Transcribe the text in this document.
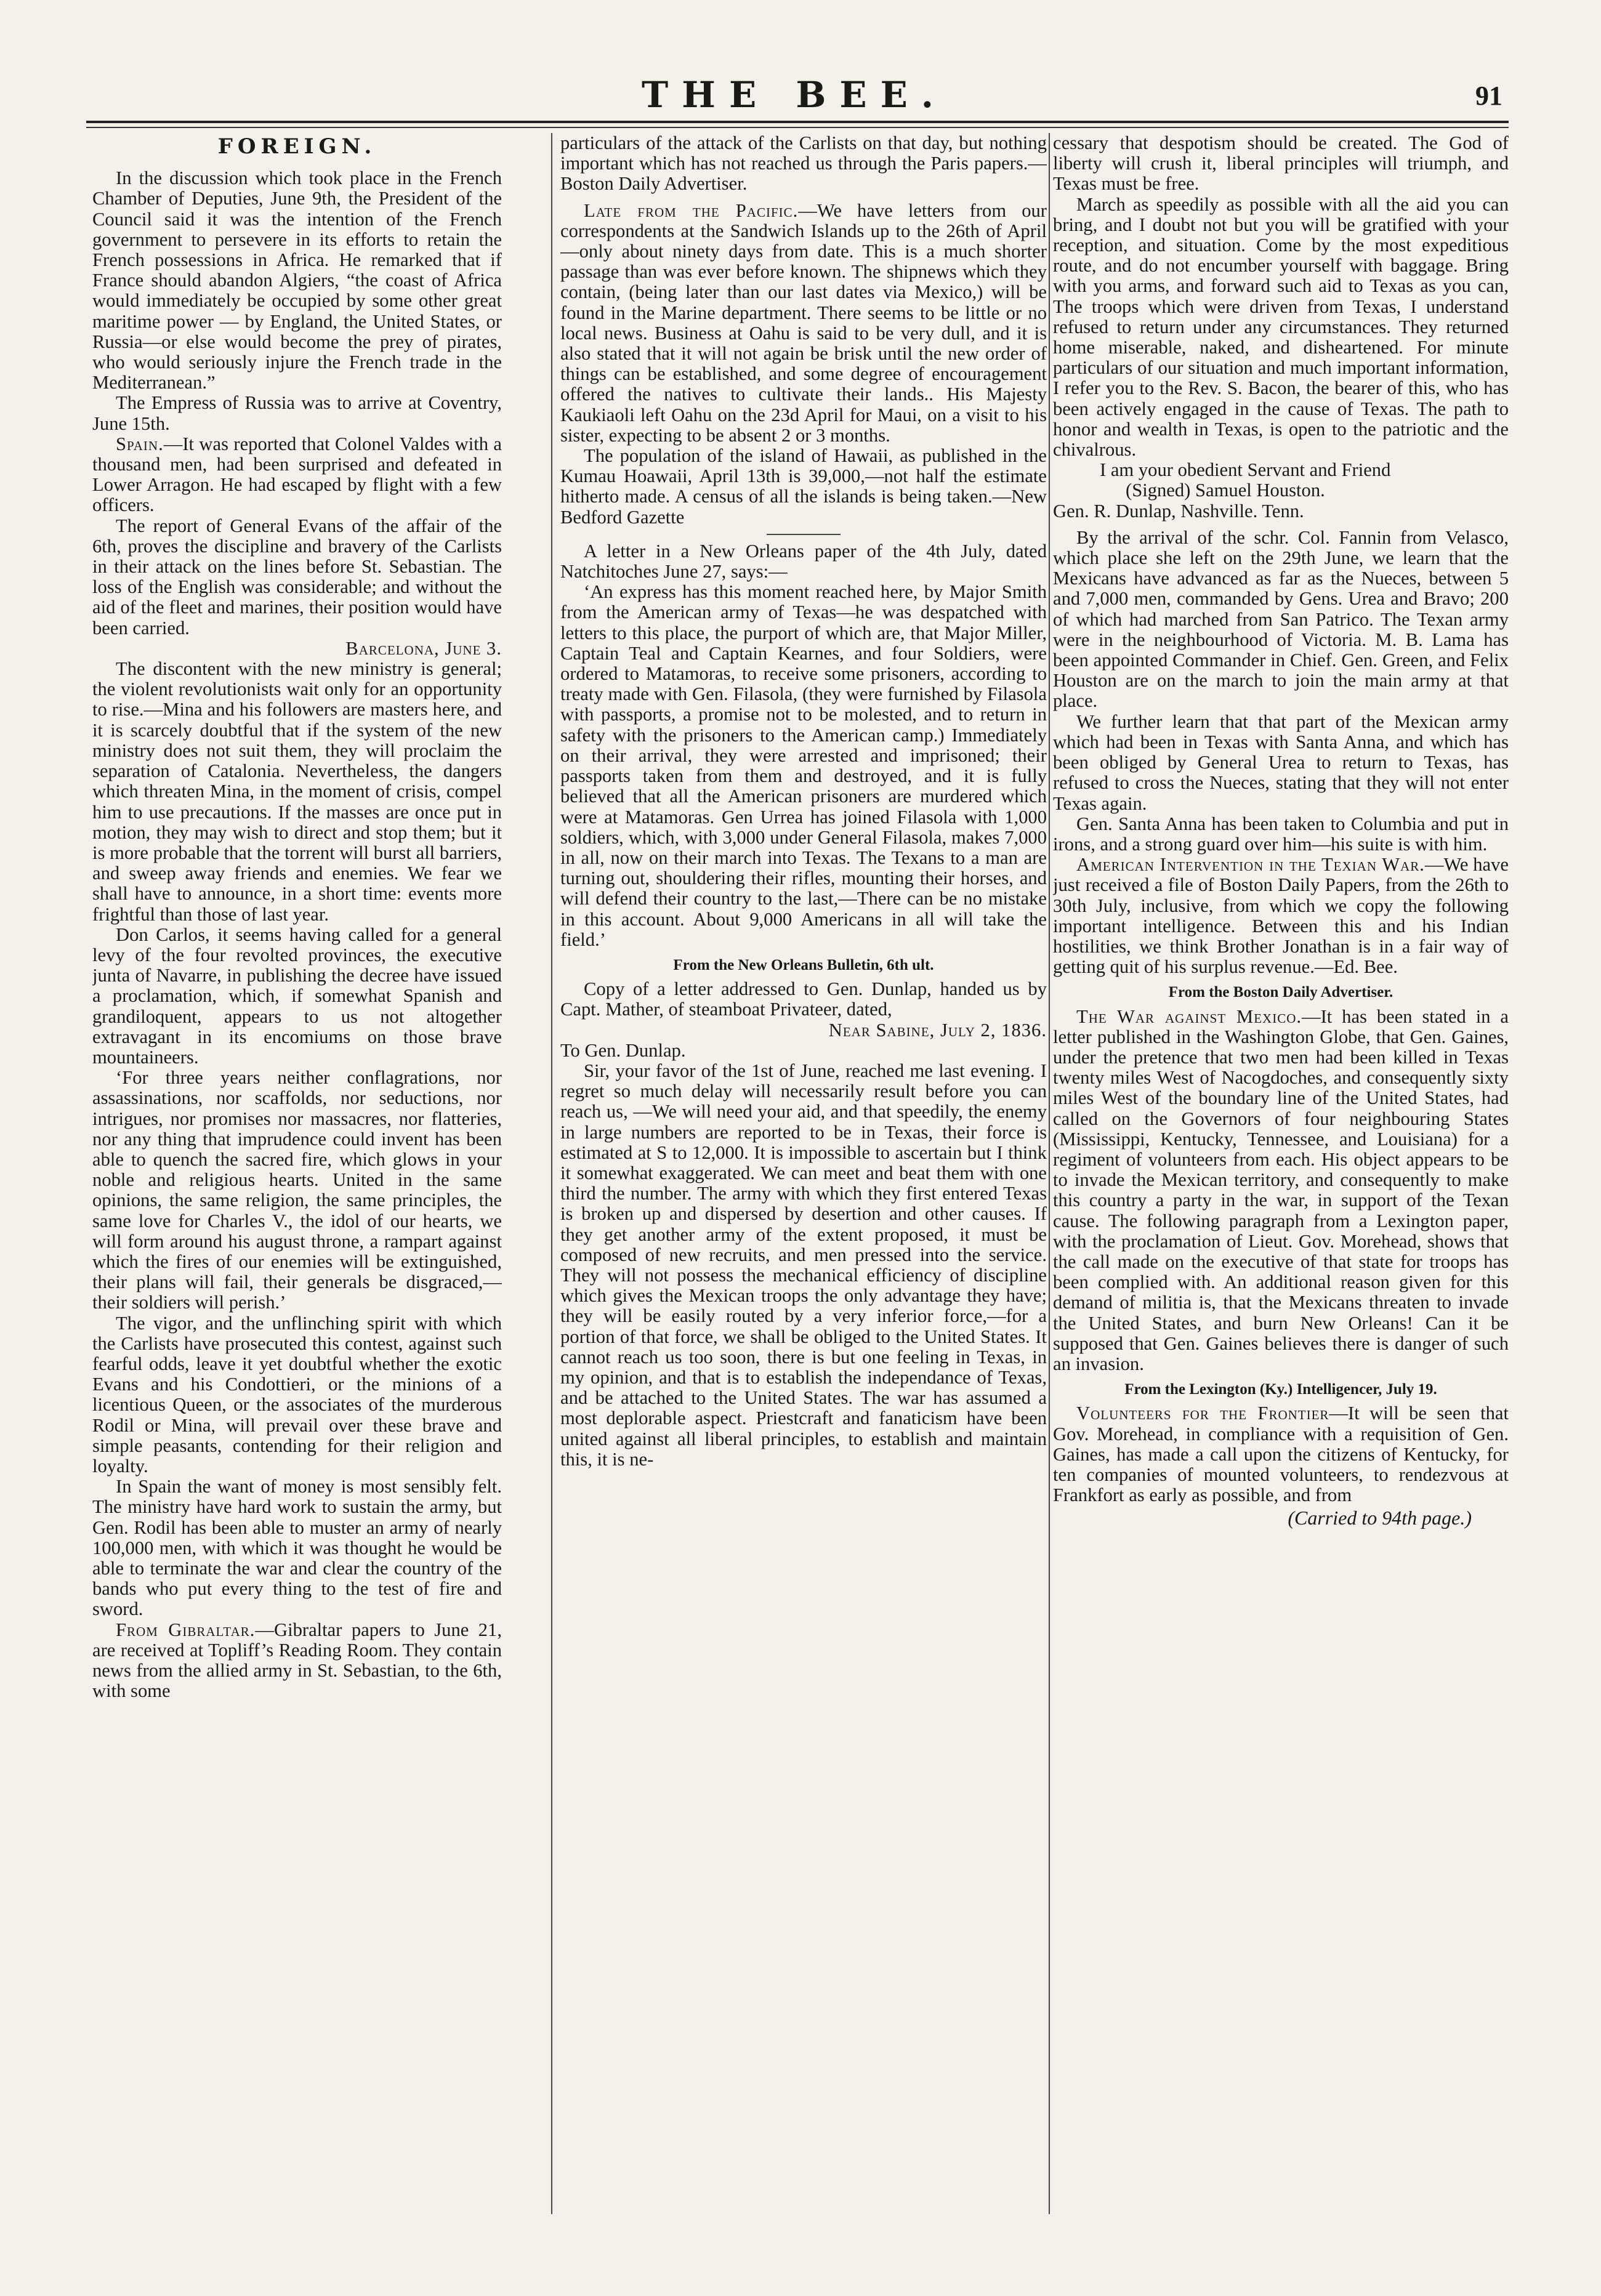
THE BEE.	91
FOREIGN.

In the discussion which took place in the French Chamber of Deputies, June 9th, the President of the Council said it was the intention of the French government to persevere in its efforts to retain the French possessions in Africa. He remarked that if France should abandon Algiers, “the coast of Africa would immediately be occupied by some other great maritime power — by England, the United States, or Russia—or else would become the prey of pirates, who would seriously injure the French trade in the Mediterranean.”

The Empress of Russia was to arrive at Coventry, June 15th.

Spain.—It was reported that Colonel Valdes with a thousand men, had been surprised and defeated in Lower Arragon. He had escaped by flight with a few officers.

The report of General Evans of the affair of the 6th, proves the discipline and bravery of the Carlists in their attack on the lines before St. Sebastian. The loss of the English was considerable; and without the aid of the fleet and marines, their position would have been carried.

Barcelona, June 3.

The discontent with the new ministry is general; the violent revolutionists wait only for an opportunity to rise.—Mina and his followers are masters here, and it is scarcely doubtful that if the system of the new ministry does not suit them, they will proclaim the separation of Catalonia. Nevertheless, the dangers which threaten Mina, in the moment of crisis, compel him to use precautions. If the masses are once put in motion, they may wish to direct and stop them; but it is more probable that the torrent will burst all barriers, and sweep away friends and enemies. We fear we shall have to announce, in a short time: events more frightful than those of last year.

Don Carlos, it seems having called for a general levy of the four revolted provinces, the executive junta of Navarre, in publishing the decree have issued a proclamation, which, if somewhat Spanish and grandiloquent, appears to us not altogether extravagant in its encomiums on those brave mountaineers.

‘For three years neither conflagrations, nor assassinations, nor scaffolds, nor seductions, nor intrigues, nor promises nor massacres, nor flatteries, nor any thing that imprudence could invent has been able to quench the sacred fire, which glows in your noble and religious hearts. United in the same opinions, the same religion, the same principles, the same love for Charles V., the idol of our hearts, we will form around his august throne, a rampart against which the fires of our enemies will be extinguished, their plans will fail, their generals be disgraced,—their soldiers will perish.’

The vigor, and the unflinching spirit with which the Carlists have prosecuted this contest, against such fearful odds, leave it yet doubtful whether the exotic Evans and his Condottieri, or the minions of a licentious Queen, or the associates of the murderous Rodil or Mina, will prevail over these brave and simple peasants, contending for their religion and loyalty.

In Spain the want of money is most sensibly felt. The ministry have hard work to sustain the army, but Gen. Rodil has been able to muster an army of nearly 100,000 men, with which it was thought he would be able to terminate the war and clear the country of the bands who put every thing to the test of fire and sword.

From Gibraltar.—Gibraltar papers to June 21, are received at Topliff’s Reading Room. They contain news from the allied army in St. Sebastian, to the 6th, with some

particulars of the attack of the Carlists on that day, but nothing important which has not reached us through the Paris papers.—Boston Daily Advertiser.

Late from the Pacific.—We have letters from our correspondents at the Sandwich Islands up to the 26th of April—only about ninety days from date. This is a much shorter passage than was ever before known. The shipnews which they contain, (being later than our last dates via Mexico,) will be found in the Marine department. There seems to be little or no local news. Business at Oahu is said to be very dull, and it is also stated that it will not again be brisk until the new order of things can be established, and some degree of encouragement offered the natives to cultivate their lands.. His Majesty Kaukiaoli left Oahu on the 23d April for Maui, on a visit to his sister, expecting to be absent 2 or 3 months.

The population of the island of Hawaii, as published in the Kumau Hoawaii, April 13th is 39,000,—not half the estimate hitherto made. A census of all the islands is being taken.—New Bedford Gazette

A letter in a New Orleans paper of the 4th July, dated Natchitoches June 27, says:—

‘An express has this moment reached here, by Major Smith from the American army of Texas—he was despatched with letters to this place, the purport of which are, that Major Miller, Captain Teal and Captain Kearnes, and four Soldiers, were ordered to Matamoras, to receive some prisoners, according to treaty made with Gen. Filasola, (they were furnished by Filasola with passports, a promise not to be molested, and to return in safety with the prisoners to the American camp.) Immediately on their arrival, they were arrested and imprisoned; their passports taken from them and destroyed, and it is fully believed that all the American prisoners are murdered which were at Matamoras. Gen Urrea has joined Filasola with 1,000 soldiers, which, with 3,000 under General Filasola, makes 7,000 in all, now on their march into Texas. The Texans to a man are turning out, shouldering their rifles, mounting their horses, and will defend their country to the last,—There can be no mistake in this account. About 9,000 Americans in all will take the field.’

From the New Orleans Bulletin, 6th ult.

Copy of a letter addressed to Gen. Dunlap, handed us by Capt. Mather, of steamboat Privateer, dated,

Near Sabine, July 2, 1836.

To Gen. Dunlap.

Sir, your favor of the 1st of June, reached me last evening. I regret so much delay will necessarily result before you can reach us, —We will need your aid, and that speedily, the enemy in large numbers are reported to be in Texas, their force is estimated at S to 12,000. It is impossible to ascertain but I think it somewhat exaggerated. We can meet and beat them with one third the number. The army with which they first entered Texas is broken up and dispersed by desertion and other causes. If they get another army of the extent proposed, it must be composed of new recruits, and men pressed into the service. They will not possess the mechanical efficiency of discipline which gives the Mexican troops the only advantage they have; they will be easily routed by a very inferior force,—for a portion of that force, we shall be obliged to the United States. It cannot reach us too soon, there is but one feeling in Texas, in my opinion, and that is to establish the independance of Texas, and be attached to the United States. The war has assumed a most deplorable aspect. Priestcraft and fanaticism have been united against all liberal principles, to establish and maintain this, it is ne-

cessary that despotism should be created. The God of liberty will crush it, liberal principles will triumph, and Texas must be free.

March as speedily as possible with all the aid you can bring, and I doubt not but you will be gratified with your reception, and situation. Come by the most expeditious route, and do not encumber yourself with baggage. Bring with you arms, and forward such aid to Texas as you can, The troops which were driven from Texas, I understand refused to return under any circumstances. They returned home miserable, naked, and disheartened. For minute particulars of our situation and much important information, I refer you to the Rev. S. Bacon, the bearer of this, who has been actively engaged in the cause of Texas. The path to honor and wealth in Texas, is open to the patriotic and the chivalrous.

I am your obedient Servant and Friend

(Signed) Samuel Houston.

Gen. R. Dunlap, Nashville. Tenn.

By the arrival of the schr. Col. Fannin from Velasco, which place she left on the 29th June, we learn that the Mexicans have advanced as far as the Nueces, between 5 and 7,000 men, commanded by Gens. Urea and Bravo; 200 of which had marched from San Patrico. The Texan army were in the neighbourhood of Victoria. M. B. Lama has been appointed Commander in Chief. Gen. Green, and Felix Houston are on the march to join the main army at that place.

We further learn that that part of the Mexican army which had been in Texas with Santa Anna, and which has been obliged by General Urea to return to Texas, has refused to cross the Nueces, stating that they will not enter Texas again.

Gen. Santa Anna has been taken to Columbia and put in irons, and a strong guard over him—his suite is with him.

American Intervention in the Texian War.—We have just received a file of Boston Daily Papers, from the 26th to 30th July, inclusive, from which we copy the following important intelligence. Between this and his Indian hostilities, we think Brother Jonathan is in a fair way of getting quit of his surplus revenue.—Ed. Bee.

From the Boston Daily Advertiser.

The War against Mexico.—It has been stated in a letter published in the Washington Globe, that Gen. Gaines, under the pretence that two men had been killed in Texas twenty miles West of Nacogdoches, and consequently sixty miles West of the boundary line of the United States, had called on the Governors of four neighbouring States (Mississippi, Kentucky, Tennessee, and Louisiana) for a regiment of volunteers from each. His object appears to be to invade the Mexican territory, and consequently to make this country a party in the war, in support of the Texan cause. The following paragraph from a Lexington paper, with the proclamation of Lieut. Gov. Morehead, shows that the call made on the executive of that state for troops has been complied with. An additional reason given for this demand of militia is, that the Mexicans threaten to invade the United States, and burn New Orleans! Can it be supposed that Gen. Gaines believes there is danger of such an invasion.

From the Lexington (Ky.) Intelligencer, July 19.

Volunteers for the Frontier—It will be seen that Gov. Morehead, in compliance with a requisition of Gen. Gaines, has made a call upon the citizens of Kentucky, for ten companies of mounted volunteers, to rendezvous at Frankfort as early as possible, and from

(Carried to 94th page.)
